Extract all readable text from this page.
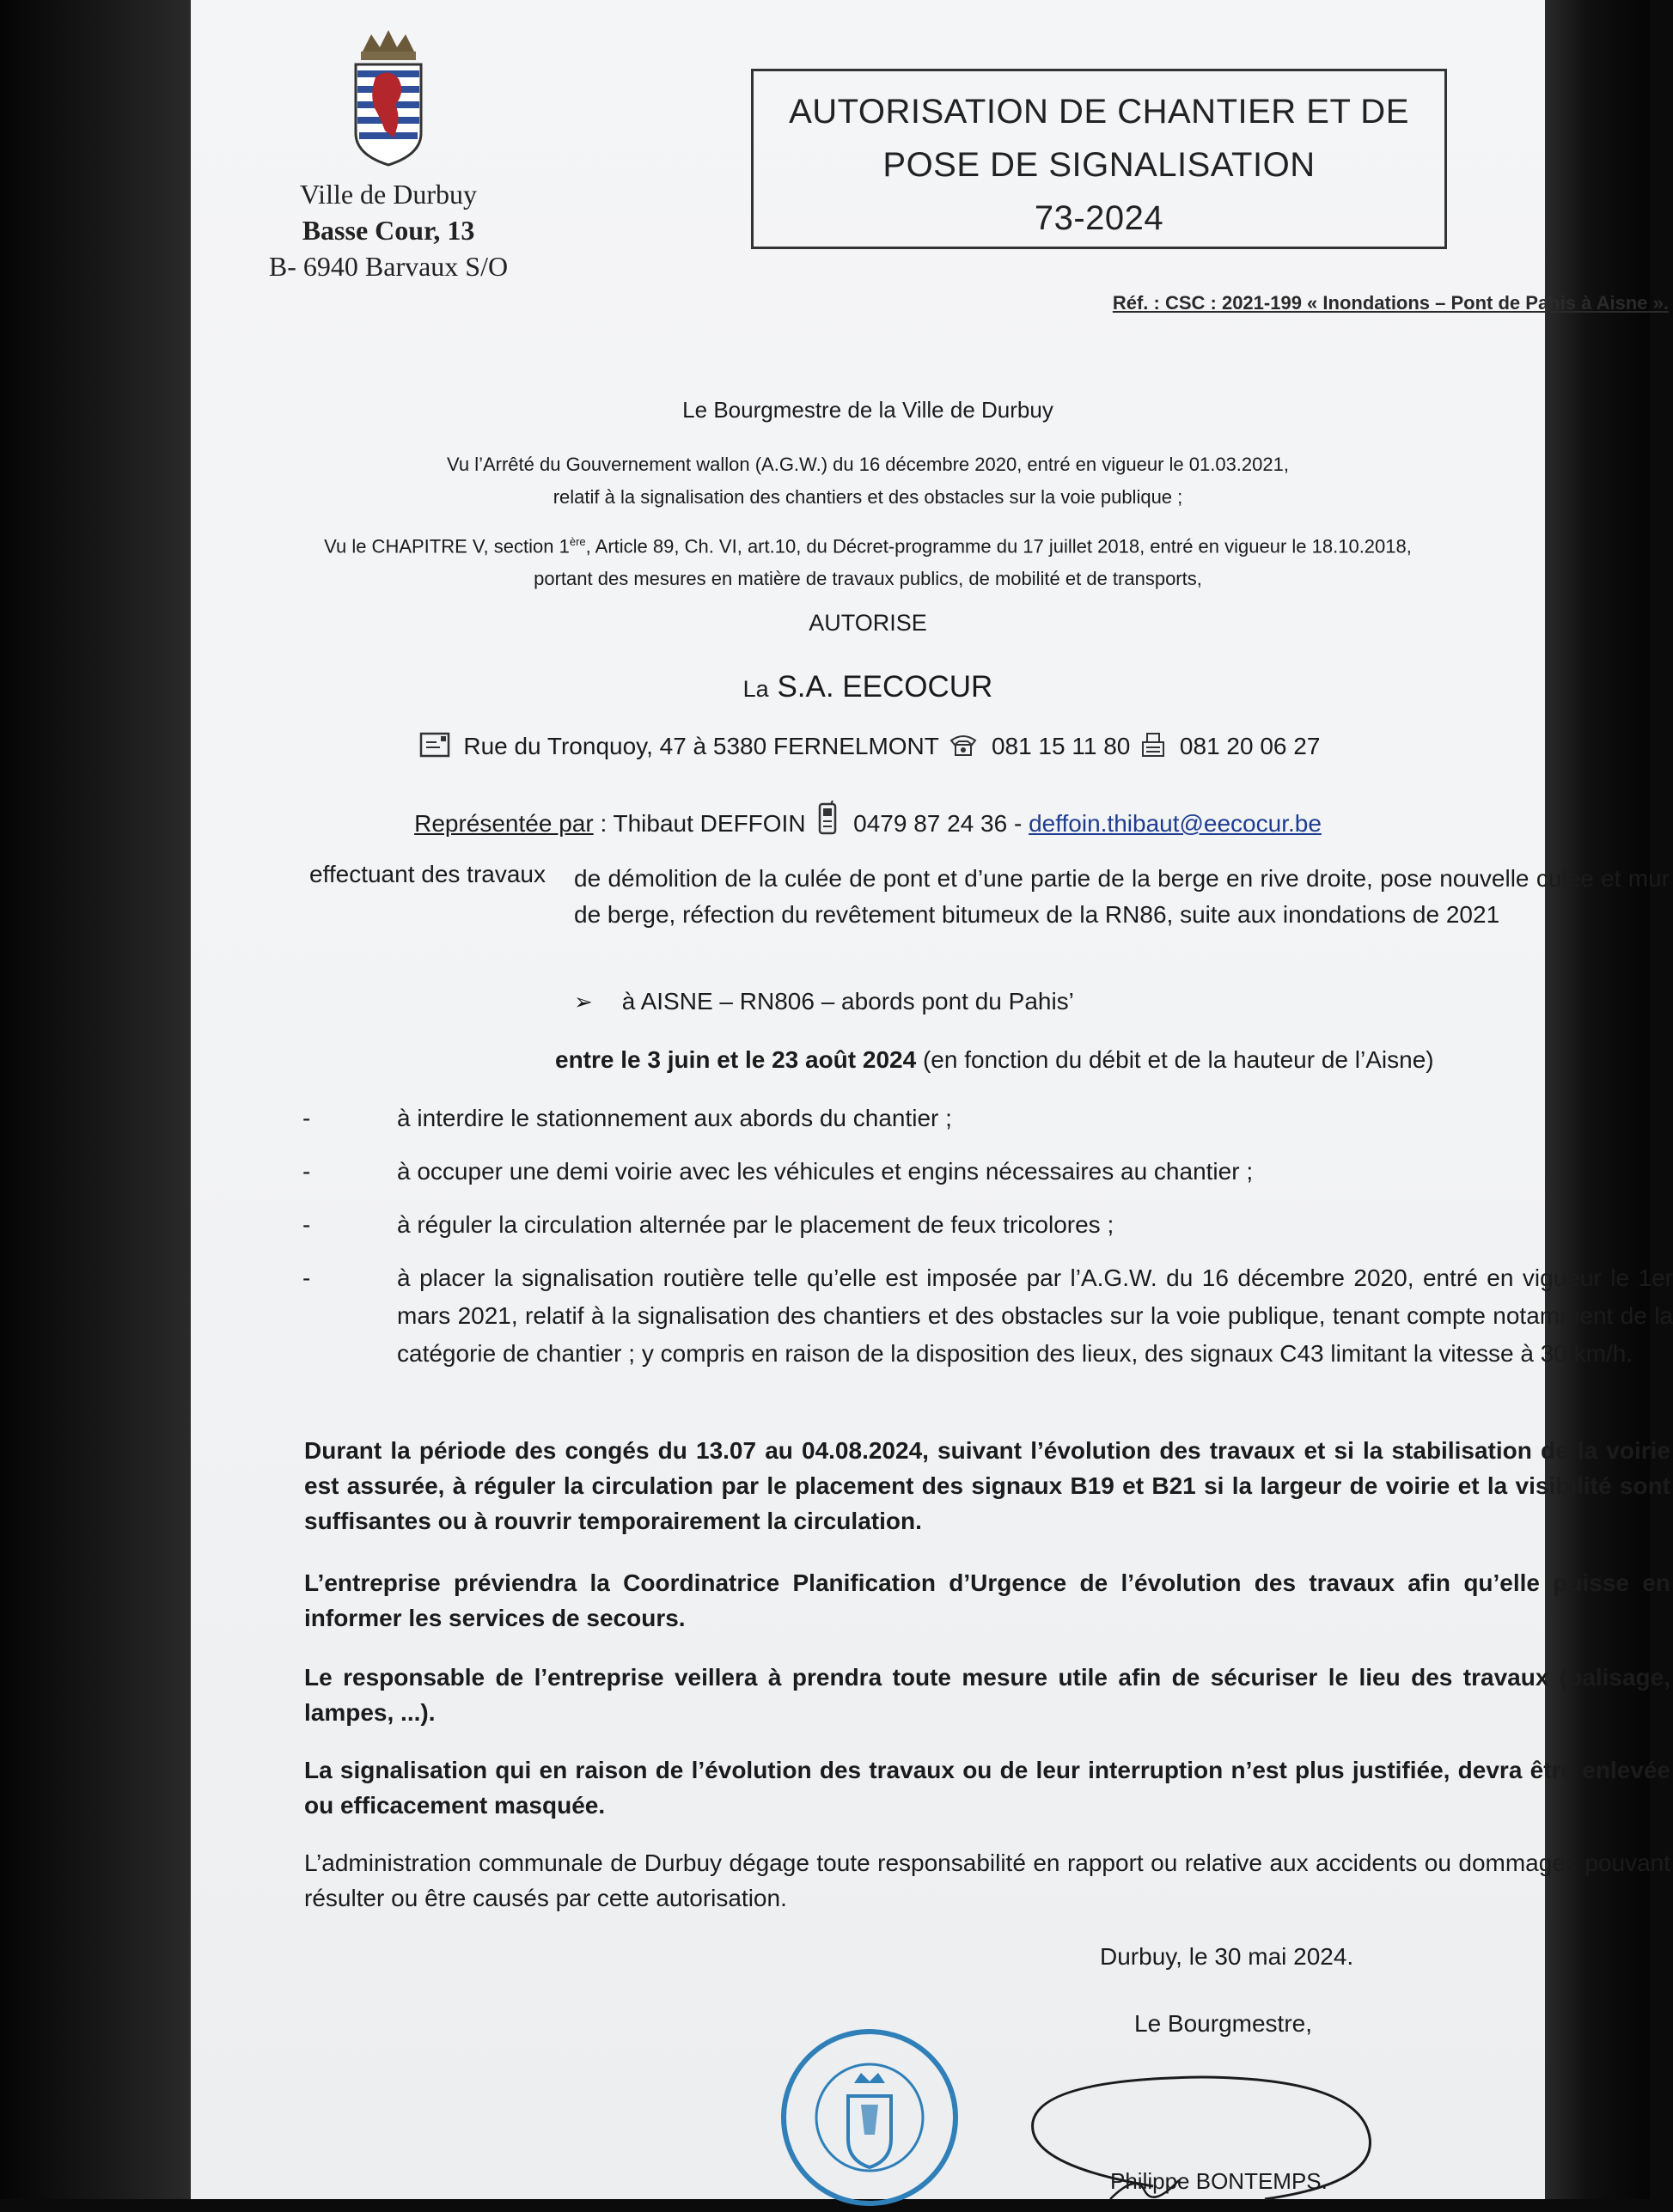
Ville de Durbuy
Basse Cour, 13
B- 6940 Barvaux S/O
AUTORISATION DE CHANTIER ET DE
POSE DE SIGNALISATION
73-2024
Réf. : CSC : 2021-199 « Inondations – Pont de Pahis à Aisne ».
Le Bourgmestre de la Ville de Durbuy
Vu l’Arrêté du Gouvernement wallon (A.G.W.) du 16 décembre 2020, entré en vigueur le 01.03.2021,
relatif à la signalisation des chantiers et des obstacles sur la voie publique ;
Vu le CHAPITRE V, section 1ère, Article 89, Ch. VI, art.10, du Décret-programme du 17 juillet 2018, entré en vigueur le 18.10.2018,
portant des mesures en matière de travaux publics, de mobilité et de transports,
AUTORISE
La S.A. EECOCUR
Rue du Tronquoy, 47 à 5380 FERNELMONT 081 15 11 80 081 20 06 27
Représentée par : Thibaut DEFFOIN 0479 87 24 36 - deffoin.thibaut@eecocur.be
effectuant des travaux de démolition de la culée de pont et d’une partie de la berge en rive droite, pose nouvelle culée et mur de berge, réfection du revêtement bitumeux de la RN86, suite aux inondations de 2021
➢ à AISNE – RN806 – abords pont du Pahis’
entre le 3 juin et le 23 août 2024 (en fonction du débit et de la hauteur de l’Aisne)
-	à interdire le stationnement aux abords du chantier ;
-	à occuper une demi voirie avec les véhicules et engins nécessaires au chantier ;
-	à réguler la circulation alternée par le placement de feux tricolores ;
-	à placer la signalisation routière telle qu’elle est imposée par l’A.G.W. du 16 décembre 2020, entré en vigueur le 1er mars 2021, relatif à la signalisation des chantiers et des obstacles sur la voie publique, tenant compte notamment de la catégorie de chantier ; y compris en raison de la disposition des lieux, des signaux C43 limitant la vitesse à 30 km/h.
Durant la période des congés du 13.07 au 04.08.2024, suivant l’évolution des travaux et si la stabilisation de la voirie est assurée, à réguler la circulation par le placement des signaux B19 et B21 si la largeur de voirie et la visibilité sont suffisantes ou à rouvrir temporairement la circulation.
L’entreprise préviendra la Coordinatrice Planification d’Urgence de l’évolution des travaux afin qu’elle puisse en informer les services de secours.
Le responsable de l’entreprise veillera à prendra toute mesure utile afin de sécuriser le lieu des travaux (balisage, lampes, ...).
La signalisation qui en raison de l’évolution des travaux ou de leur interruption n’est plus justifiée, devra être enlevée ou efficacement masquée.
L’administration communale de Durbuy dégage toute responsabilité en rapport ou relative aux accidents ou dommages pouvant résulter ou être causés par cette autorisation.
Durbuy, le 30 mai 2024.
Le Bourgmestre,
Philippe BONTEMPS.
